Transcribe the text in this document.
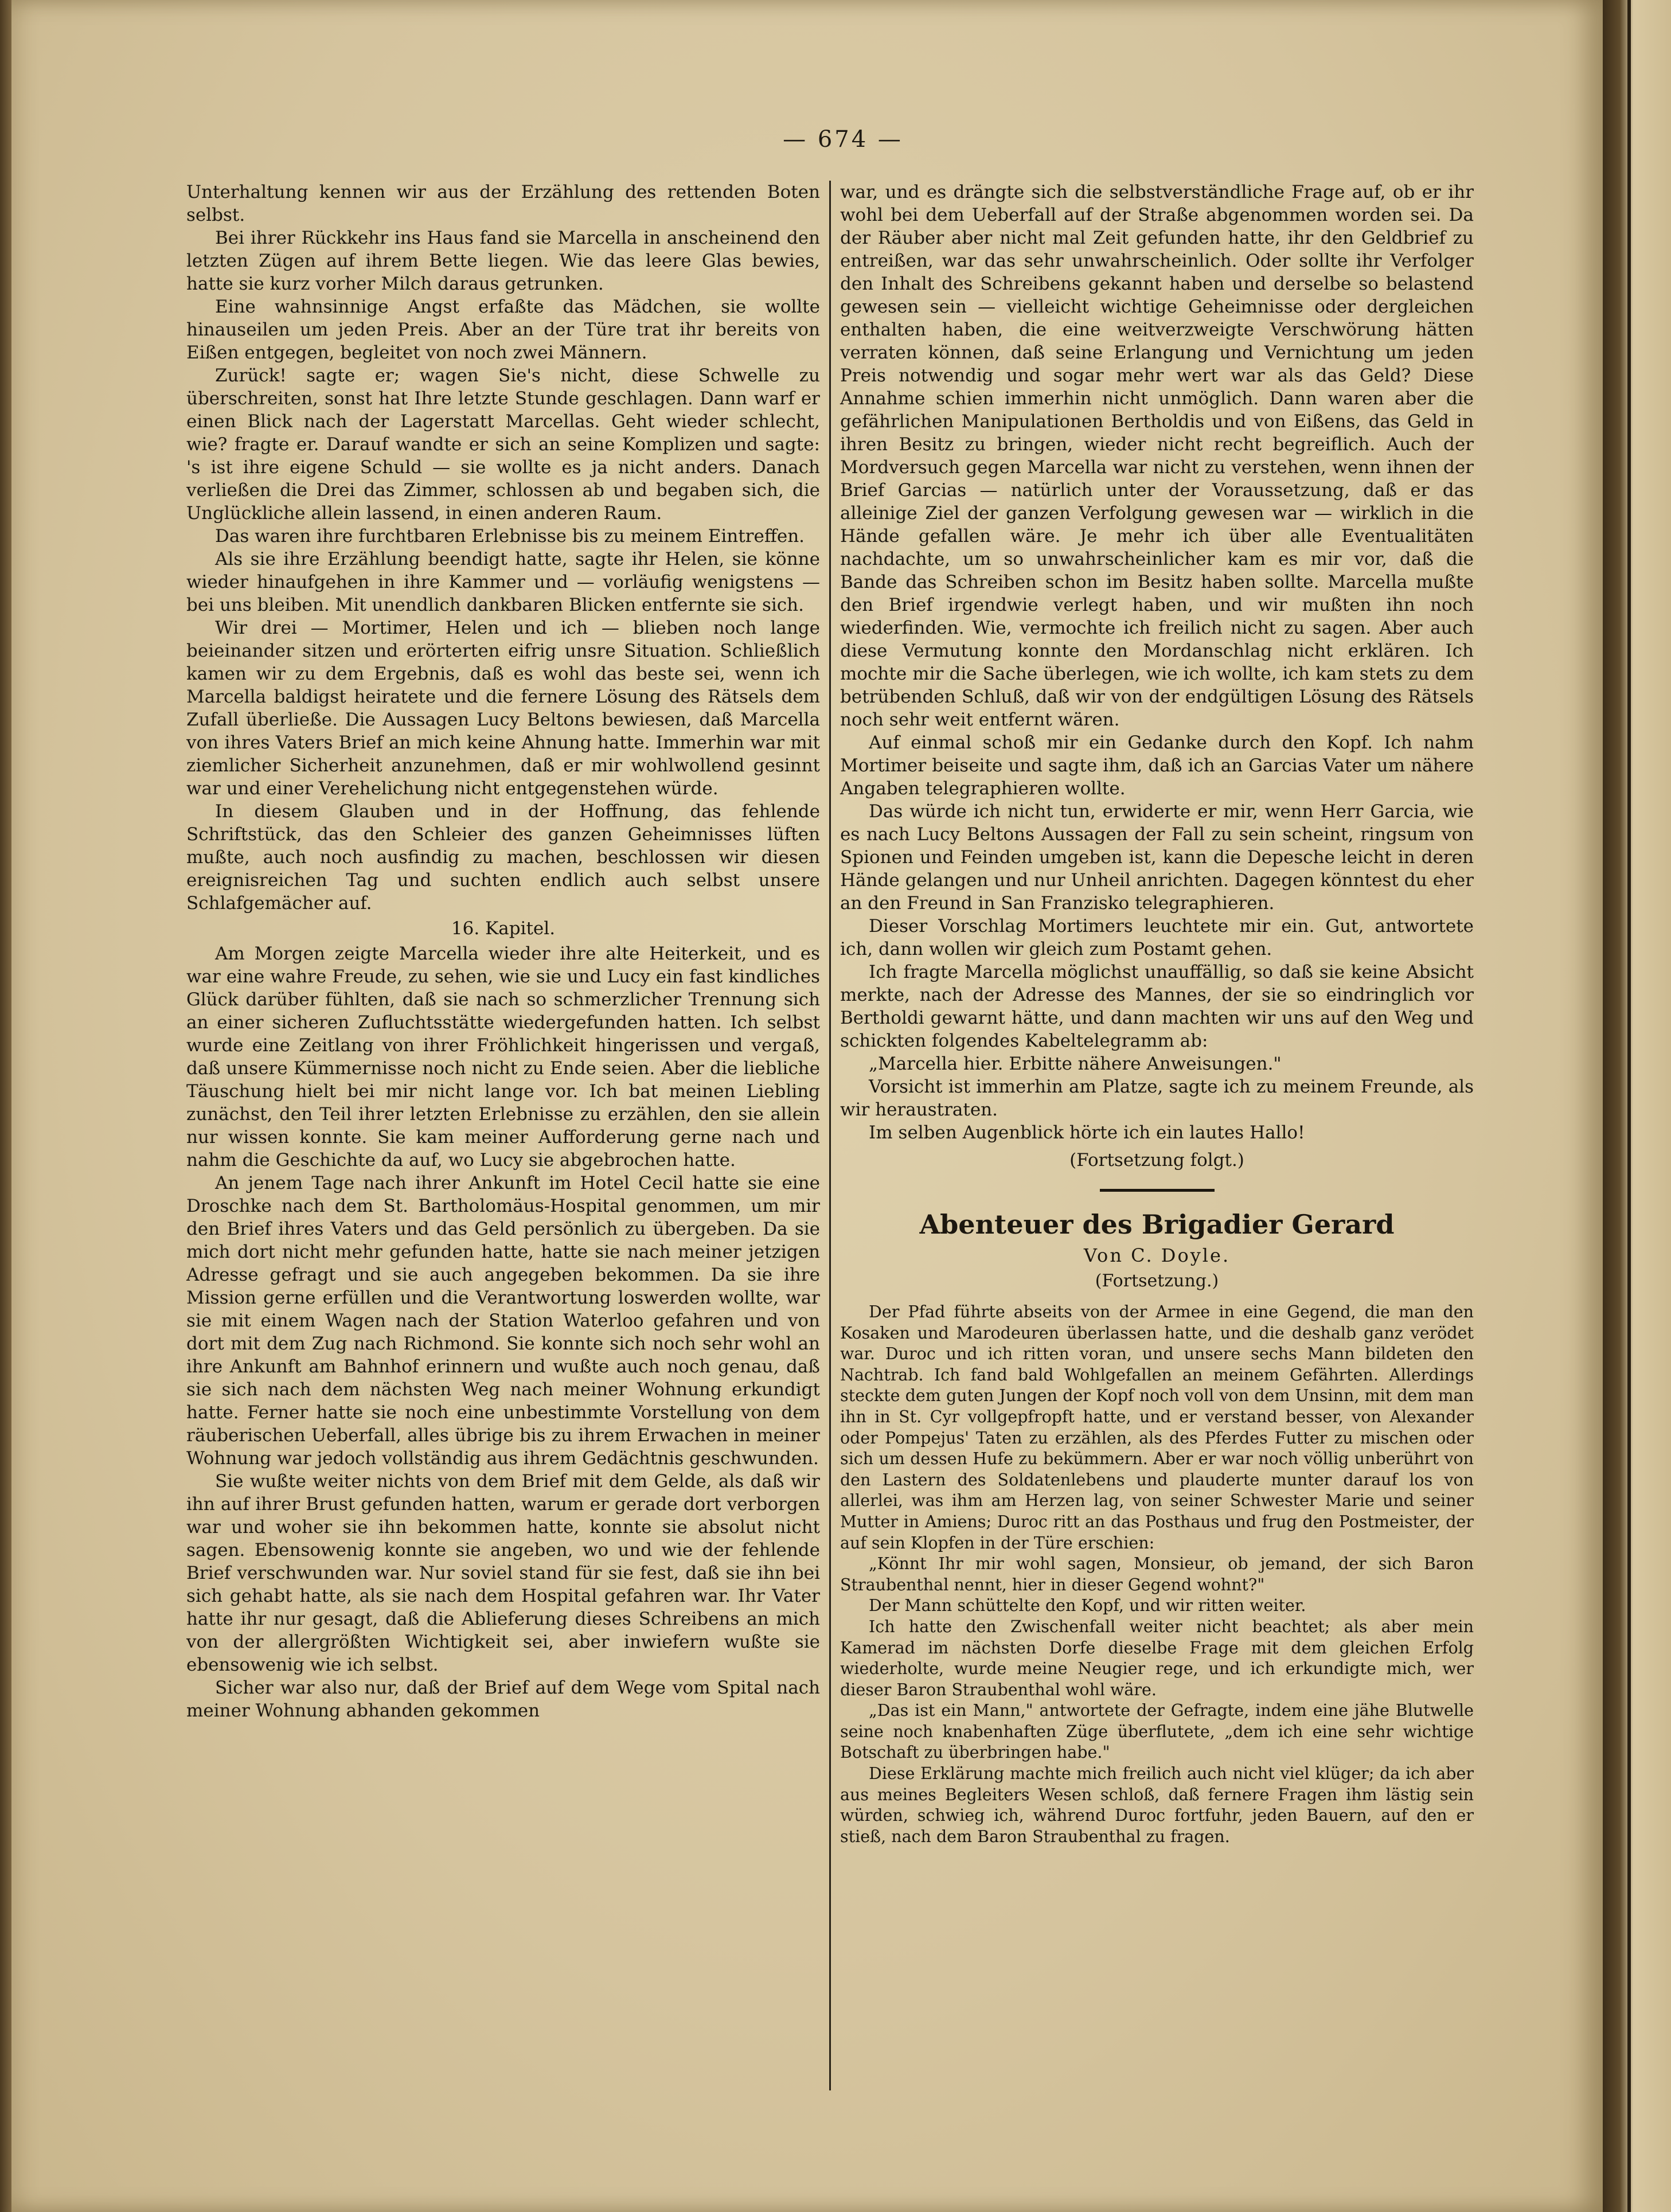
— 674 —

Unterhaltung kennen wir aus der Erzählung des rettenden Boten selbst.

Bei ihrer Rückkehr ins Haus fand sie Marcella in anscheinend den letzten Zügen auf ihrem Bette liegen. Wie das leere Glas bewies, hatte sie kurz vorher Milch daraus getrunken.

Eine wahnsinnige Angst erfaßte das Mädchen, sie wollte hinauseilen um jeden Preis. Aber an der Türe trat ihr bereits von Eißen entgegen, begleitet von noch zwei Männern.

Zurück! sagte er; wagen Sie's nicht, diese Schwelle zu überschreiten, sonst hat Ihre letzte Stunde geschlagen. Dann warf er einen Blick nach der Lagerstatt Marcellas. Geht wieder schlecht, wie? fragte er. Darauf wandte er sich an seine Komplizen und sagte: 's ist ihre eigene Schuld — sie wollte es ja nicht anders. Danach verließen die Drei das Zimmer, schlossen ab und begaben sich, die Unglückliche allein lassend, in einen anderen Raum.

Das waren ihre furchtbaren Erlebnisse bis zu meinem Eintreffen.

Als sie ihre Erzählung beendigt hatte, sagte ihr Helen, sie könne wieder hinaufgehen in ihre Kammer und — vorläufig wenigstens — bei uns bleiben. Mit unendlich dankbaren Blicken entfernte sie sich.

Wir drei — Mortimer, Helen und ich — blieben noch lange beieinander sitzen und erörterten eifrig unsre Situation. Schließlich kamen wir zu dem Ergebnis, daß es wohl das beste sei, wenn ich Marcella baldigst heiratete und die fernere Lösung des Rätsels dem Zufall überließe. Die Aussagen Lucy Beltons bewiesen, daß Marcella von ihres Vaters Brief an mich keine Ahnung hatte. Immerhin war mit ziemlicher Sicherheit anzunehmen, daß er mir wohlwollend gesinnt war und einer Verehelichung nicht entgegenstehen würde.

In diesem Glauben und in der Hoffnung, das fehlende Schriftstück, das den Schleier des ganzen Geheimnisses lüften mußte, auch noch ausfindig zu machen, beschlossen wir diesen ereignisreichen Tag und suchten endlich auch selbst unsere Schlafgemächer auf.

16. Kapitel.

Am Morgen zeigte Marcella wieder ihre alte Heiterkeit, und es war eine wahre Freude, zu sehen, wie sie und Lucy ein fast kindliches Glück darüber fühlten, daß sie nach so schmerzlicher Trennung sich an einer sicheren Zufluchtsstätte wiedergefunden hatten. Ich selbst wurde eine Zeitlang von ihrer Fröhlichkeit hingerissen und vergaß, daß unsere Kümmernisse noch nicht zu Ende seien. Aber die liebliche Täuschung hielt bei mir nicht lange vor. Ich bat meinen Liebling zunächst, den Teil ihrer letzten Erlebnisse zu erzählen, den sie allein nur wissen konnte. Sie kam meiner Aufforderung gerne nach und nahm die Geschichte da auf, wo Lucy sie abgebrochen hatte.

An jenem Tage nach ihrer Ankunft im Hotel Cecil hatte sie eine Droschke nach dem St. Bartholomäus-Hospital genommen, um mir den Brief ihres Vaters und das Geld persönlich zu übergeben. Da sie mich dort nicht mehr gefunden hatte, hatte sie nach meiner jetzigen Adresse gefragt und sie auch angegeben bekommen. Da sie ihre Mission gerne erfüllen und die Verantwortung loswerden wollte, war sie mit einem Wagen nach der Station Waterloo gefahren und von dort mit dem Zug nach Richmond. Sie konnte sich noch sehr wohl an ihre Ankunft am Bahnhof erinnern und wußte auch noch genau, daß sie sich nach dem nächsten Weg nach meiner Wohnung erkundigt hatte. Ferner hatte sie noch eine unbestimmte Vorstellung von dem räuberischen Ueberfall, alles übrige bis zu ihrem Erwachen in meiner Wohnung war jedoch vollständig aus ihrem Gedächtnis geschwunden.

Sie wußte weiter nichts von dem Brief mit dem Gelde, als daß wir ihn auf ihrer Brust gefunden hatten, warum er gerade dort verborgen war und woher sie ihn bekommen hatte, konnte sie absolut nicht sagen. Ebensowenig konnte sie angeben, wo und wie der fehlende Brief verschwunden war. Nur soviel stand für sie fest, daß sie ihn bei sich gehabt hatte, als sie nach dem Hospital gefahren war. Ihr Vater hatte ihr nur gesagt, daß die Ablieferung dieses Schreibens an mich von der allergrößten Wichtigkeit sei, aber inwiefern wußte sie ebensowenig wie ich selbst.

Sicher war also nur, daß der Brief auf dem Wege vom Spital nach meiner Wohnung abhanden gekommen

war, und es drängte sich die selbstverständliche Frage auf, ob er ihr wohl bei dem Ueberfall auf der Straße abgenommen worden sei. Da der Räuber aber nicht mal Zeit gefunden hatte, ihr den Geldbrief zu entreißen, war das sehr unwahrscheinlich. Oder sollte ihr Verfolger den Inhalt des Schreibens gekannt haben und derselbe so belastend gewesen sein — vielleicht wichtige Geheimnisse oder dergleichen enthalten haben, die eine weitverzweigte Verschwörung hätten verraten können, daß seine Erlangung und Vernichtung um jeden Preis notwendig und sogar mehr wert war als das Geld? Diese Annahme schien immerhin nicht unmöglich. Dann waren aber die gefährlichen Manipulationen Bertholdis und von Eißens, das Geld in ihren Besitz zu bringen, wieder nicht recht begreiflich. Auch der Mordversuch gegen Marcella war nicht zu verstehen, wenn ihnen der Brief Garcias — natürlich unter der Voraussetzung, daß er das alleinige Ziel der ganzen Verfolgung gewesen war — wirklich in die Hände gefallen wäre. Je mehr ich über alle Eventualitäten nachdachte, um so unwahrscheinlicher kam es mir vor, daß die Bande das Schreiben schon im Besitz haben sollte. Marcella mußte den Brief irgendwie verlegt haben, und wir mußten ihn noch wiederfinden. Wie, vermochte ich freilich nicht zu sagen. Aber auch diese Vermutung konnte den Mordanschlag nicht erklären. Ich mochte mir die Sache überlegen, wie ich wollte, ich kam stets zu dem betrübenden Schluß, daß wir von der endgültigen Lösung des Rätsels noch sehr weit entfernt wären.

Auf einmal schoß mir ein Gedanke durch den Kopf. Ich nahm Mortimer beiseite und sagte ihm, daß ich an Garcias Vater um nähere Angaben telegraphieren wollte.

Das würde ich nicht tun, erwiderte er mir, wenn Herr Garcia, wie es nach Lucy Beltons Aussagen der Fall zu sein scheint, ringsum von Spionen und Feinden umgeben ist, kann die Depesche leicht in deren Hände gelangen und nur Unheil anrichten. Dagegen könntest du eher an den Freund in San Franzisko telegraphieren.

Dieser Vorschlag Mortimers leuchtete mir ein. Gut, antwortete ich, dann wollen wir gleich zum Postamt gehen.

Ich fragte Marcella möglichst unauffällig, so daß sie keine Absicht merkte, nach der Adresse des Mannes, der sie so eindringlich vor Bertholdi gewarnt hätte, und dann machten wir uns auf den Weg und schickten folgendes Kabeltelegramm ab:

„Marcella hier. Erbitte nähere Anweisungen."

Vorsicht ist immerhin am Platze, sagte ich zu meinem Freunde, als wir heraustraten.

Im selben Augenblick hörte ich ein lautes Hallo!

(Fortsetzung folgt.)
Abenteuer des Brigadier Gerard
Von C. Doyle.
(Fortsetzung.)

Der Pfad führte abseits von der Armee in eine Gegend, die man den Kosaken und Marodeuren überlassen hatte, und die deshalb ganz verödet war. Duroc und ich ritten voran, und unsere sechs Mann bildeten den Nachtrab. Ich fand bald Wohlgefallen an meinem Gefährten. Allerdings steckte dem guten Jungen der Kopf noch voll von dem Unsinn, mit dem man ihn in St. Cyr vollgepfropft hatte, und er verstand besser, von Alexander oder Pompejus' Taten zu erzählen, als des Pferdes Futter zu mischen oder sich um dessen Hufe zu bekümmern. Aber er war noch völlig unberührt von den Lastern des Soldatenlebens und plauderte munter darauf los von allerlei, was ihm am Herzen lag, von seiner Schwester Marie und seiner Mutter in Amiens; Duroc ritt an das Posthaus und frug den Postmeister, der auf sein Klopfen in der Türe erschien:

„Könnt Ihr mir wohl sagen, Monsieur, ob jemand, der sich Baron Straubenthal nennt, hier in dieser Gegend wohnt?"

Der Mann schüttelte den Kopf, und wir ritten weiter.

Ich hatte den Zwischenfall weiter nicht beachtet; als aber mein Kamerad im nächsten Dorfe dieselbe Frage mit dem gleichen Erfolg wiederholte, wurde meine Neugier rege, und ich erkundigte mich, wer dieser Baron Straubenthal wohl wäre.

„Das ist ein Mann," antwortete der Gefragte, indem eine jähe Blutwelle seine noch knabenhaften Züge überflutete, „dem ich eine sehr wichtige Botschaft zu überbringen habe."

Diese Erklärung machte mich freilich auch nicht viel klüger; da ich aber aus meines Begleiters Wesen schloß, daß fernere Fragen ihm lästig sein würden, schwieg ich, während Duroc fortfuhr, jeden Bauern, auf den er stieß, nach dem Baron Straubenthal zu fragen.
